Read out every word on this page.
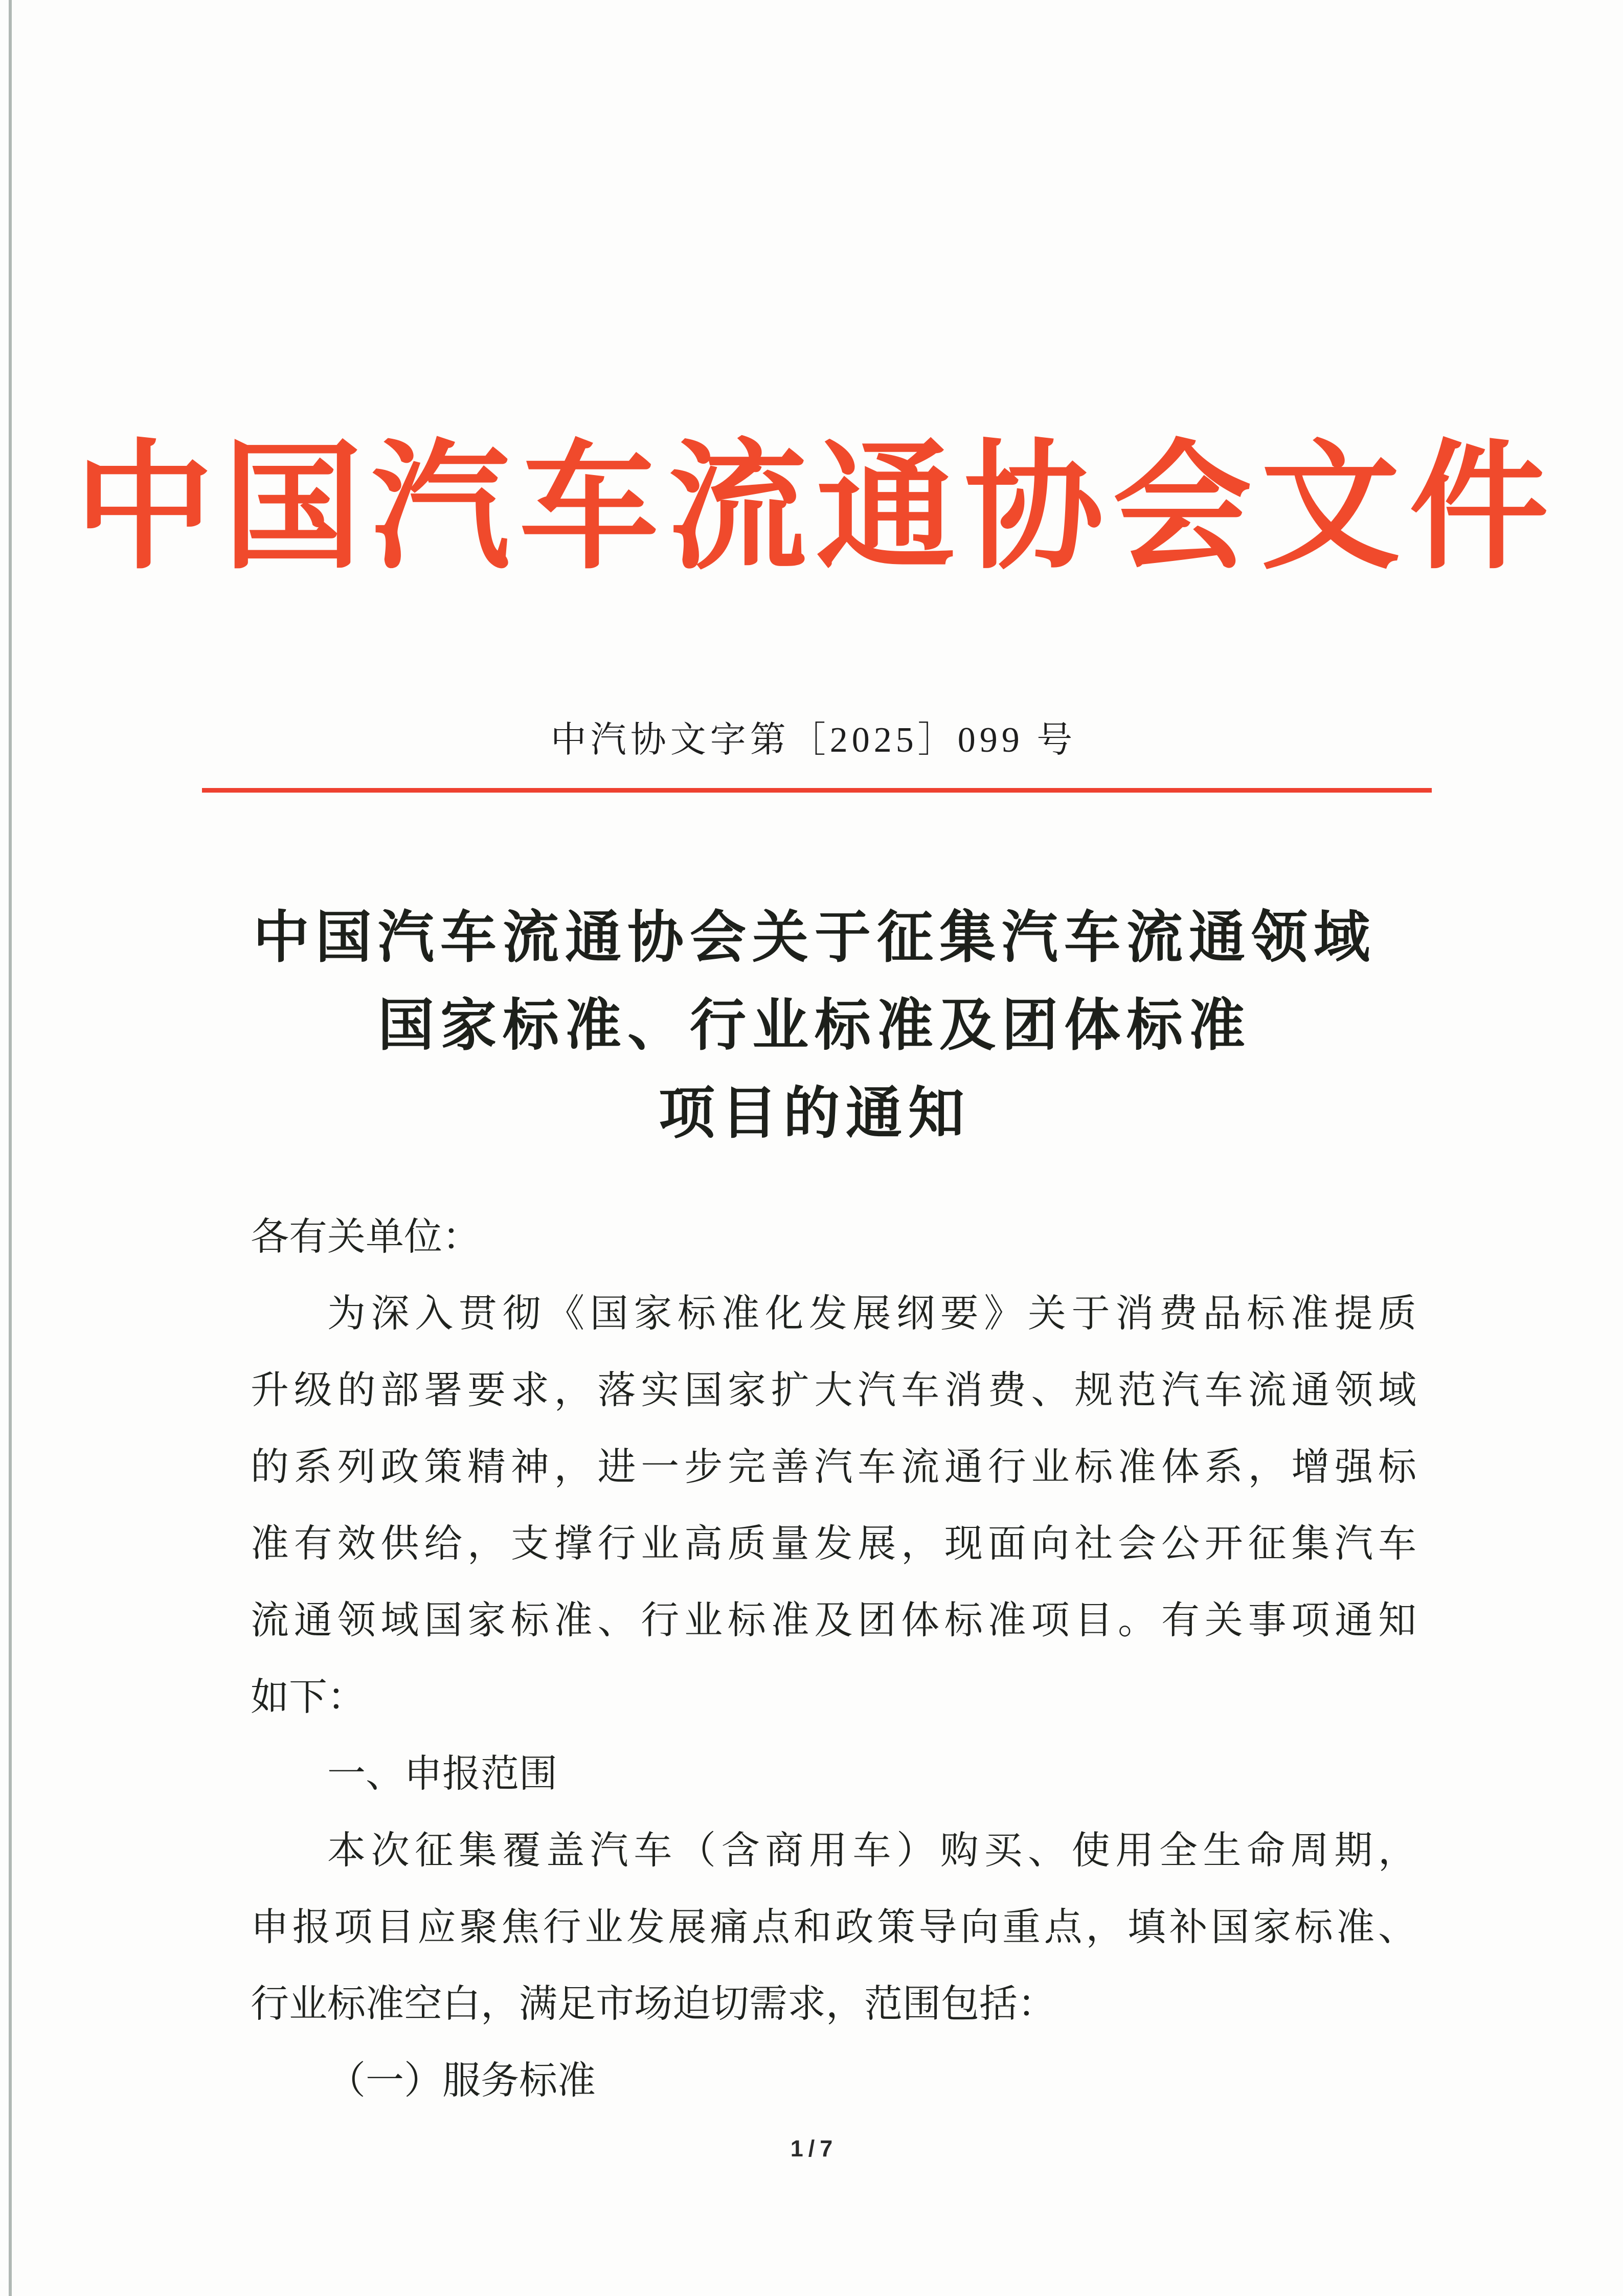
中国汽车流通协会文件
中汽协文字第［2025］099 号
中国汽车流通协会关于征集汽车流通领域
国家标准、行业标准及团体标准
项目的通知
各有关单位：
为深入贯彻《国家标准化发展纲要》关于消费品标准提质
升级的部署要求，落实国家扩大汽车消费、规范汽车流通领域
的系列政策精神，进一步完善汽车流通行业标准体系，增强标
准有效供给，支撑行业高质量发展，现面向社会公开征集汽车
流通领域国家标准、行业标准及团体标准项目。有关事项通知
如下：
一、申报范围
本次征集覆盖汽车（含商用车）购买、使用全生命周期，
申报项目应聚焦行业发展痛点和政策导向重点，填补国家标准、
行业标准空白，满足市场迫切需求，范围包括：
（一）服务标准
1/7
